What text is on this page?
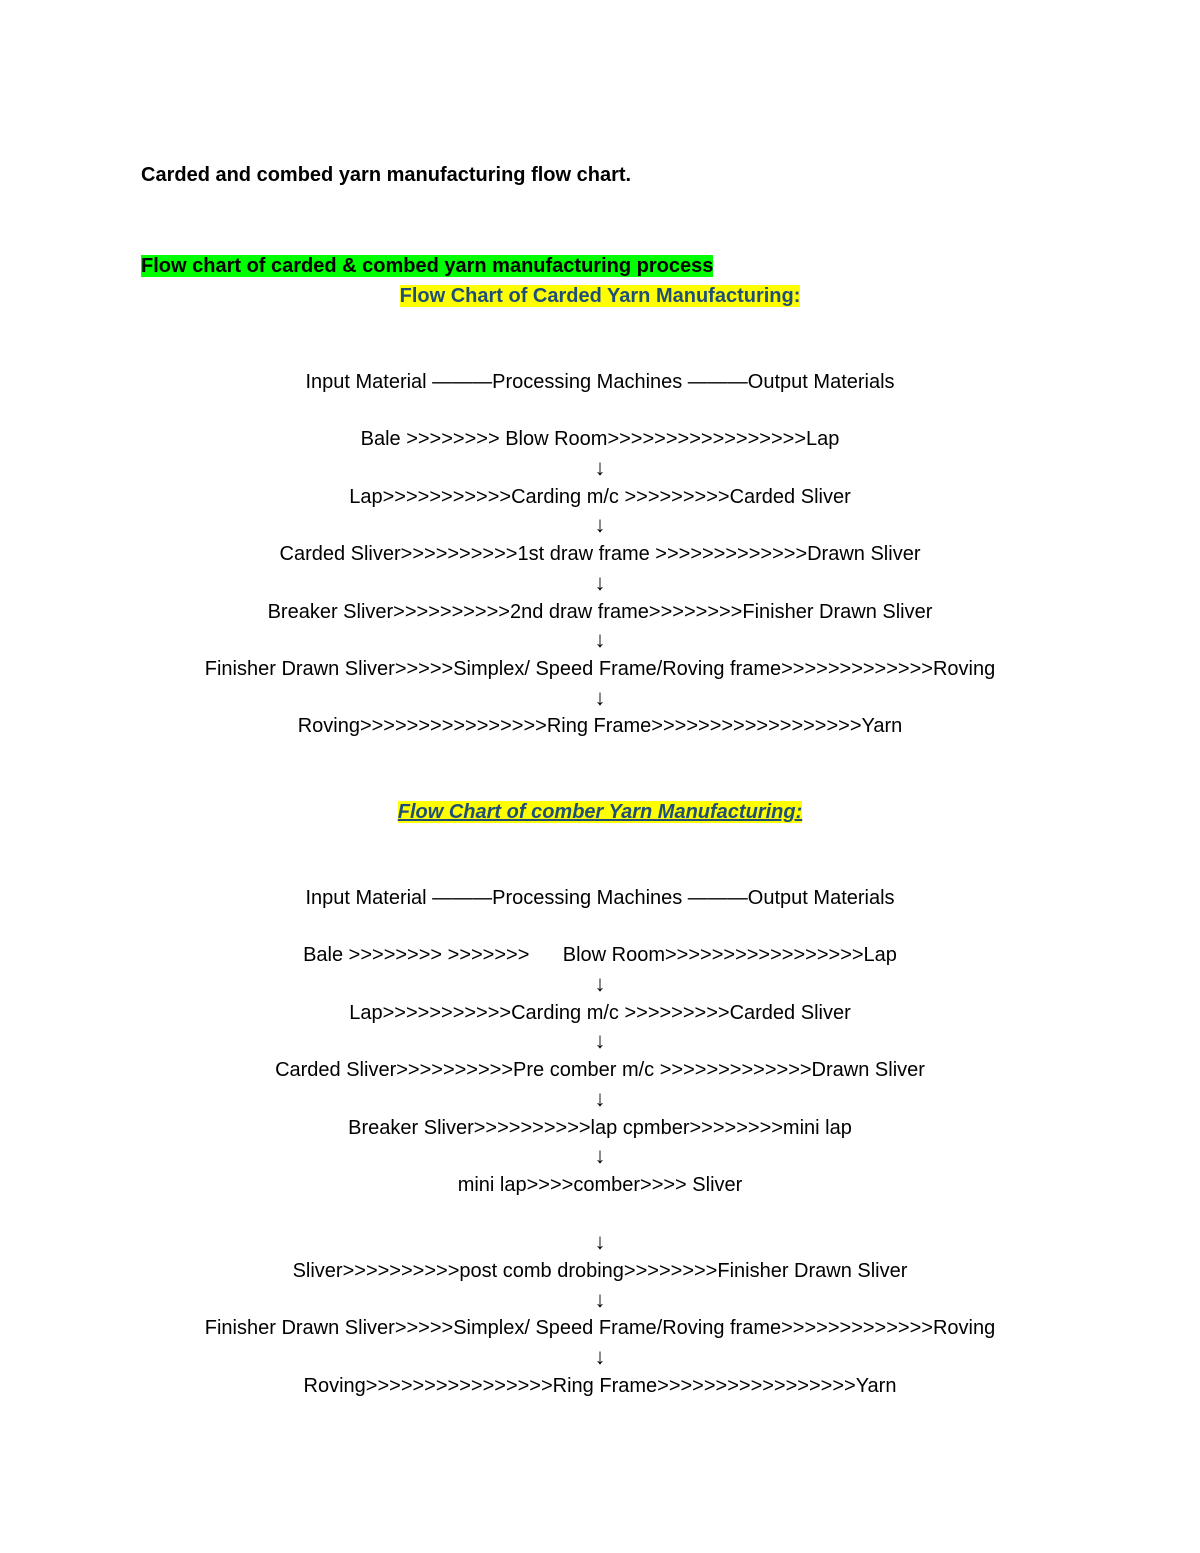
Carded and combed yarn manufacturing flow chart.
Flow chart of carded & combed yarn manufacturing process
Flow Chart of Carded Yarn Manufacturing:
Input Material ———Processing Machines ———Output Materials
Bale >>>>>>>> Blow Room>>>>>>>>>>>>>>>>>Lap
↓
Lap>>>>>>>>>>>Carding m/c >>>>>>>>>Carded Sliver
↓
Carded Sliver>>>>>>>>>>1st draw frame >>>>>>>>>>>>>Drawn Sliver
↓
Breaker Sliver>>>>>>>>>>2nd draw frame>>>>>>>>Finisher Drawn Sliver
↓
Finisher Drawn Sliver>>>>>Simplex/ Speed Frame/Roving frame>>>>>>>>>>>>>Roving
↓
Roving>>>>>>>>>>>>>>>>Ring Frame>>>>>>>>>>>>>>>>>>Yarn
Flow Chart of comber Yarn Manufacturing:
Input Material ———Processing Machines ———Output Materials
Bale >>>>>>>> >>>>>>>      Blow Room>>>>>>>>>>>>>>>>>Lap
↓
Lap>>>>>>>>>>>Carding m/c >>>>>>>>>Carded Sliver
↓
Carded Sliver>>>>>>>>>>Pre comber m/c >>>>>>>>>>>>>Drawn Sliver
↓
Breaker Sliver>>>>>>>>>>lap cpmber>>>>>>>>mini lap
↓
mini lap>>>>comber>>>> Sliver
↓
Sliver>>>>>>>>>>post comb drobing>>>>>>>>Finisher Drawn Sliver
↓
Finisher Drawn Sliver>>>>>Simplex/ Speed Frame/Roving frame>>>>>>>>>>>>>Roving
↓
Roving>>>>>>>>>>>>>>>>Ring Frame>>>>>>>>>>>>>>>>>Yarn
